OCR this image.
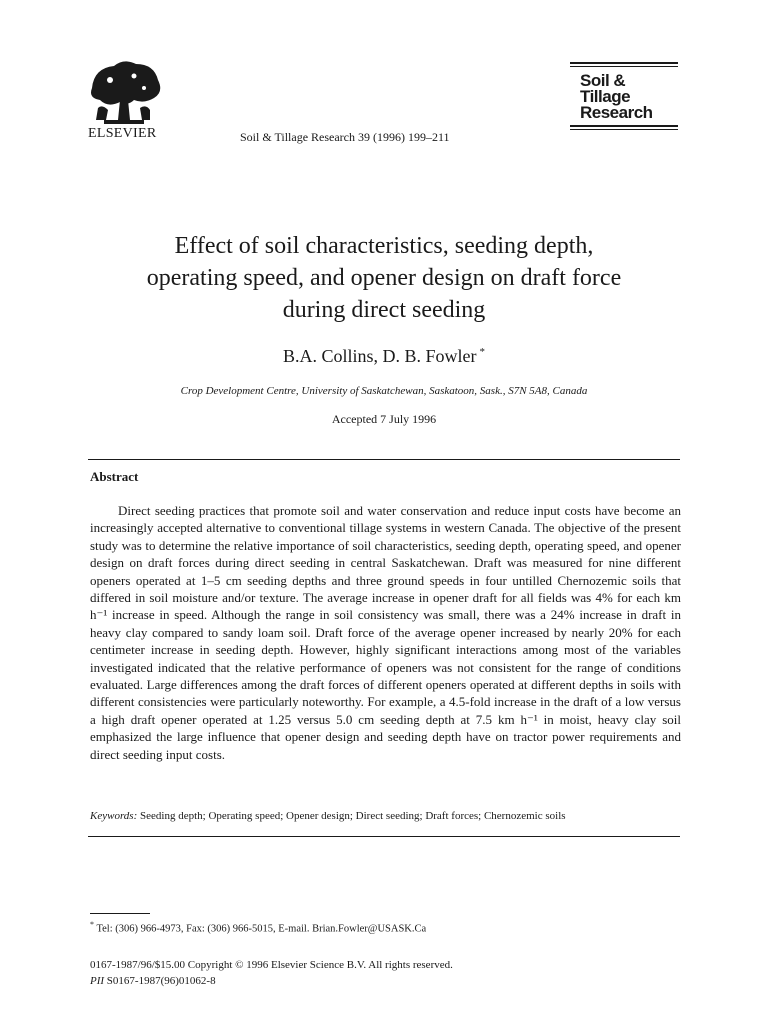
ELSEVIER	Soil & Tillage Research 39 (1996) 199–211
Soil &
Tillage
Research
Effect of soil characteristics, seeding depth,
operating speed, and opener design on draft force
during direct seeding
B.A. Collins, D. B. Fowler *
Crop Development Centre, University of Saskatchewan, Saskatoon, Sask., S7N 5A8, Canada
Accepted 7 July 1996
Abstract
Direct seeding practices that promote soil and water conservation and reduce input costs have become an increasingly accepted alternative to conventional tillage systems in western Canada. The objective of the present study was to determine the relative importance of soil characteristics, seeding depth, operating speed, and opener design on draft forces during direct seeding in central Saskatchewan. Draft was measured for nine different openers operated at 1–5 cm seeding depths and three ground speeds in four untilled Chernozemic soils that differed in soil moisture and/or texture. The average increase in opener draft for all fields was 4% for each km h⁻¹ increase in speed. Although the range in soil consistency was small, there was a 24% increase in draft in heavy clay compared to sandy loam soil. Draft force of the average opener increased by nearly 20% for each centimeter increase in seeding depth. However, highly significant interactions among most of the variables investigated indicated that the relative performance of openers was not consistent for the range of conditions evaluated. Large differences among the draft forces of different openers operated at different depths in soils with different consistencies were particularly noteworthy. For example, a 4.5-fold increase in the draft of a low versus a high draft opener operated at 1.25 versus 5.0 cm seeding depth at 7.5 km h⁻¹ in moist, heavy clay soil emphasized the large influence that opener design and seeding depth have on tractor power requirements and direct seeding input costs.
Keywords: Seeding depth; Operating speed; Opener design; Direct seeding; Draft forces; Chernozemic soils
* Tel: (306) 966-4973, Fax: (306) 966-5015, E-mail. Brian.Fowler@USASK.Ca
0167-1987/96/$15.00 Copyright © 1996 Elsevier Science B.V. All rights reserved.
PII S0167-1987(96)01062-8
